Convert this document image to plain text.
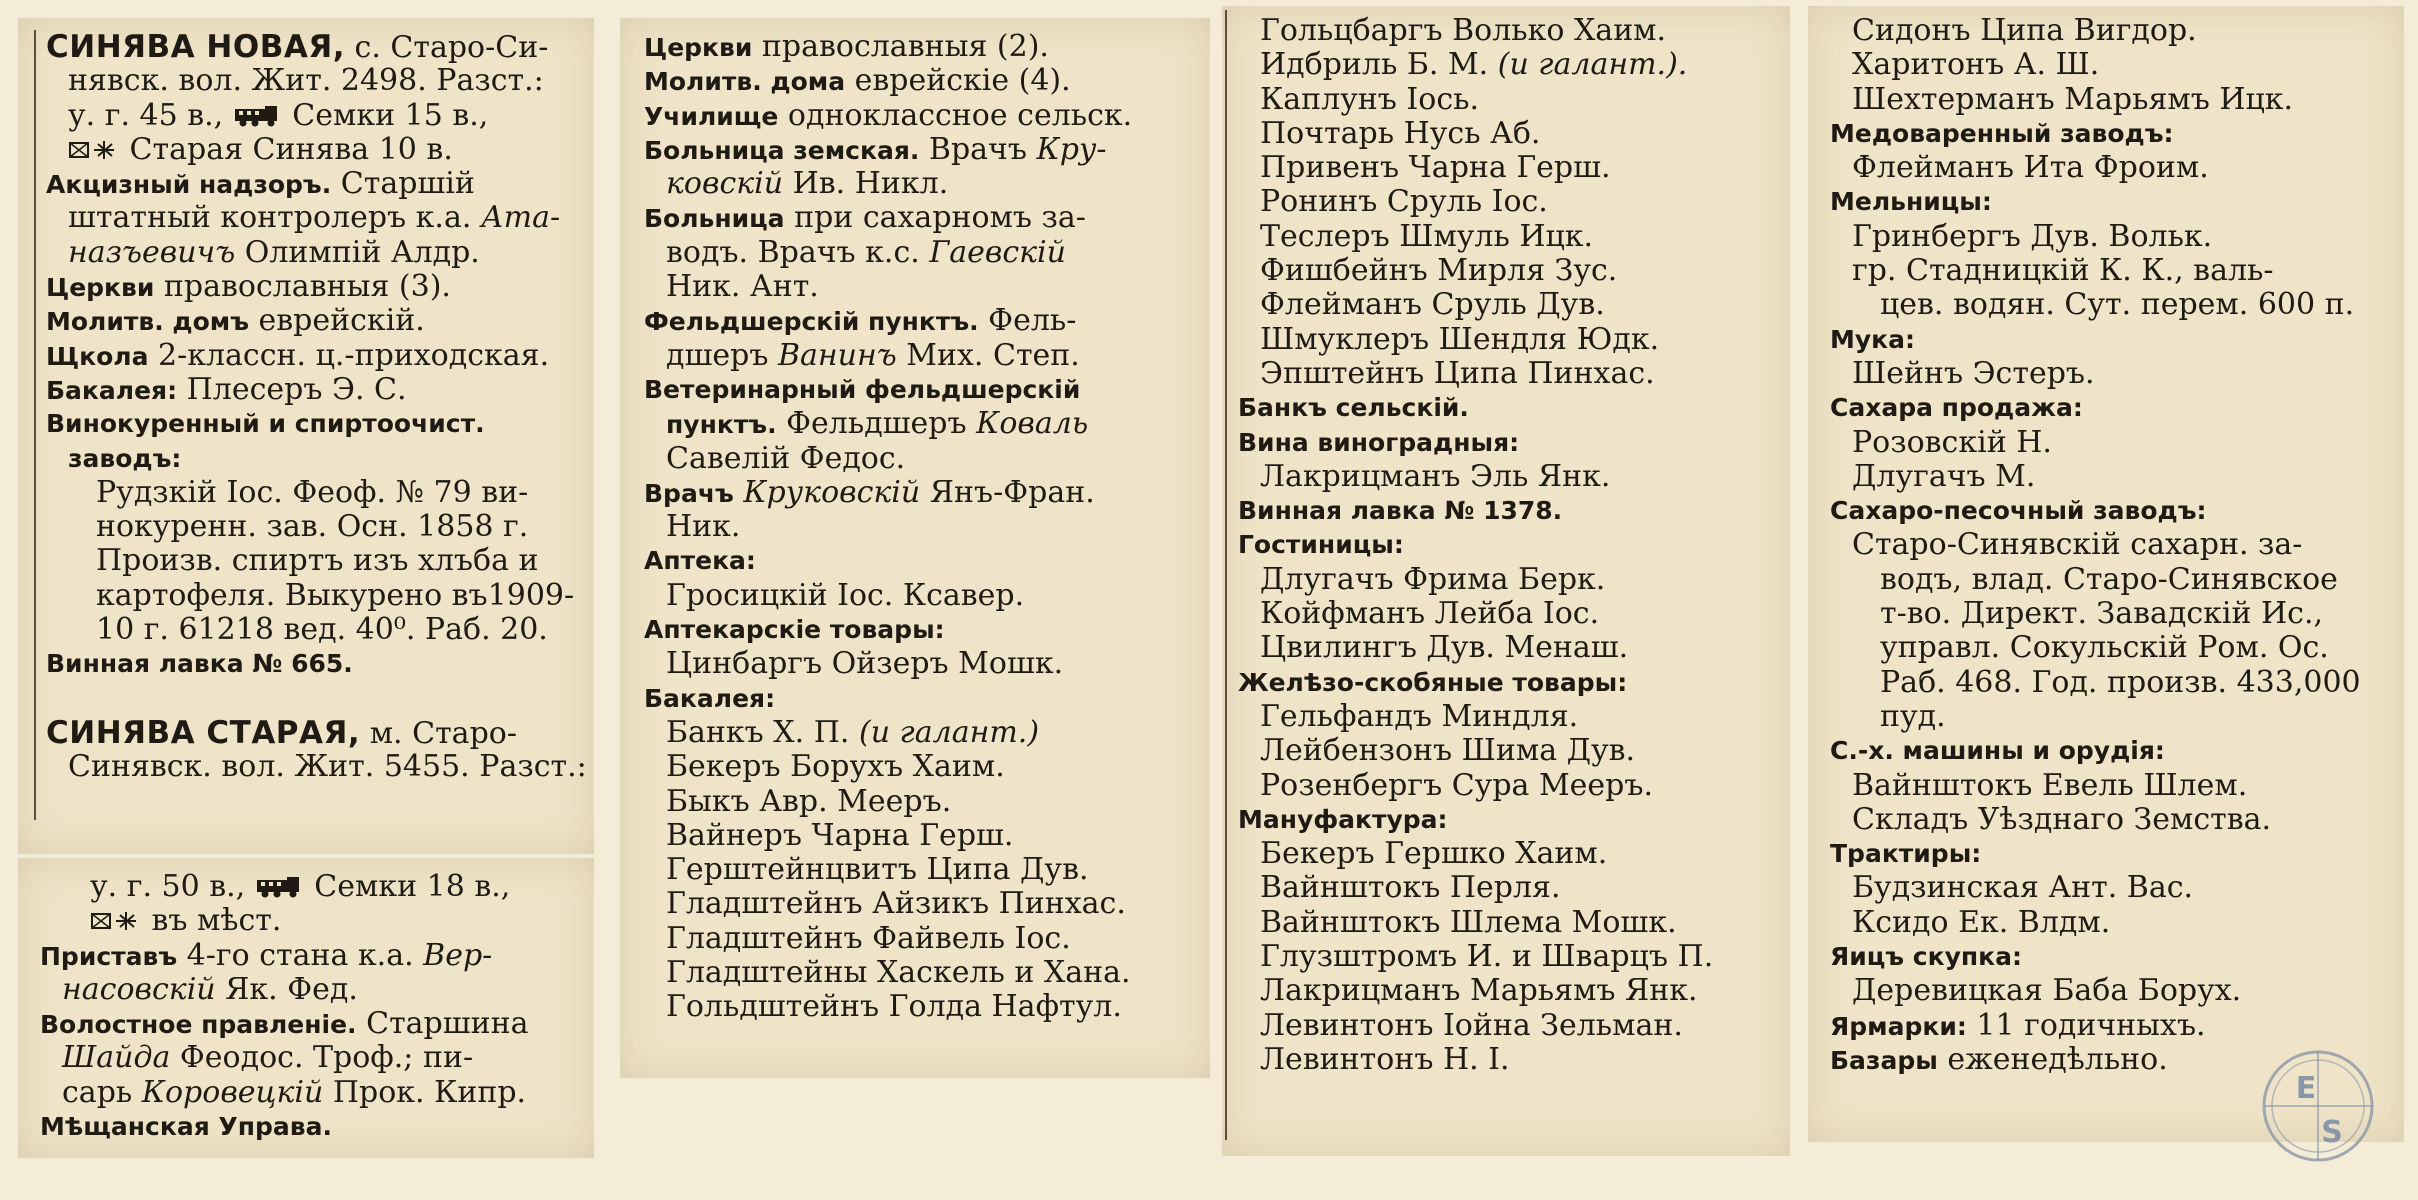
СИНЯВА НОВАЯ, с. Старо-Си-
нявск. вол. Жит. 2498. Разст.:
у. г. 45 в., Семки 15 в.,
Старая Синява 10 в.
Акцизный надзоръ. Старшій
штатный контролеръ к.а. Ата-
назъевичъ Олимпій Алдр.
Церкви православныя (3).
Молитв. домъ еврейскій.
Щкола 2-классн. ц.-приходская.
Бакалея: Плесеръ Э. С.
Винокуренный и спиртоочист.
заводъ:
Рудзкій Іос. Феоф. № 79 ви-
нокуренн. зав. Осн. 1858 г.
Произв. спиртъ изъ хлъба и
картофеля. Выкурено въ1909-
10 г. 61218 вед. 40⁰. Раб. 20.
Винная лавка № 665.
СИНЯВА СТАРАЯ, м. Старо-
Синявск. вол. Жит. 5455. Разст.:
у. г. 50 в., Семки 18 в.,
въ мѣст.
Приставъ 4-го стана к.а. Вер-
насовскій Як. Фед.
Волостное правленіе. Старшина
Шайда Феодос. Троф.; пи-
сарь Коровецкій Прок. Кипр.
Мѣщанская Управа.
Церкви православныя (2).
Молитв. дома еврейскіе (4).
Училище одноклассное сельск.
Больница земская. Врачъ Кру-
ковскій Ив. Никл.
Больница при сахарномъ за-
водъ. Врачъ к.с. Гаевскій
Ник. Ант.
Фельдшерскій пунктъ. Фель-
дшеръ Ванинъ Мих. Степ.
Ветеринарный фельдшерскій
пунктъ. Фельдшеръ Коваль
Савелій Федос.
Врачъ Круковскій Янъ-Фран.
Ник.
Аптека:
Гросицкій Іос. Ксавер.
Аптекарскіе товары:
Цинбаргъ Ойзеръ Мошк.
Бакалея:
Банкъ Х. П. (и галант.)
Бекеръ Борухъ Хаим.
Быкъ Авр. Мееръ.
Вайнеръ Чарна Герш.
Герштейнцвитъ Ципа Дув.
Гладштейнъ Айзикъ Пинхас.
Гладштейнъ Файвель Іос.
Гладштейны Хаскель и Хана.
Гольдштейнъ Голда Нафтул.
Гольцбаргъ Волько Хаим.
Идбриль Б. М. (и галант.).
Каплунъ Іось.
Почтарь Нусь Аб.
Привенъ Чарна Герш.
Ронинъ Сруль Іос.
Теслеръ Шмуль Ицк.
Фишбейнъ Мирля Зус.
Флейманъ Сруль Дув.
Шмуклеръ Шендля Юдк.
Эпштейнъ Ципа Пинхас.
Банкъ сельскій.
Вина виноградныя:
Лакрицманъ Эль Янк.
Винная лавка № 1378.
Гостиницы:
Длугачъ Фрима Берк.
Койфманъ Лейба Іос.
Цвилингъ Дув. Менаш.
Желѣзо-скобяные товары:
Гельфандъ Миндля.
Лейбензонъ Шима Дув.
Розенбергъ Сура Мееръ.
Мануфактура:
Бекеръ Гершко Хаим.
Вайнштокъ Перля.
Вайнштокъ Шлема Мошк.
Глузштромъ И. и Шварцъ П.
Лакрицманъ Марьямъ Янк.
Левинтонъ Іойна Зельман.
Левинтонъ Н. І.
Сидонъ Ципа Вигдор.
Харитонъ А. Ш.
Шехтерманъ Марьямъ Ицк.
Медоваренный заводъ:
Флейманъ Ита Фроим.
Мельницы:
Гринбергъ Дув. Вольк.
гр. Стадницкій К. К., валь-
цев. водян. Сут. перем. 600 п.
Мука:
Шейнъ Эстеръ.
Сахара продажа:
Розовскій Н.
Длугачъ М.
Сахаро-песочный заводъ:
Старо-Синявскій сахарн. за-
водъ, влад. Старо-Синявское
т-во. Директ. Завадскій Ис.,
управл. Сокульскій Ром. Ос.
Раб. 468. Год. произв. 433,000
пуд.
С.-х. машины и орудія:
Вайнштокъ Евель Шлем.
Складъ Уѣзднаго Земства.
Трактиры:
Будзинская Ант. Вас.
Ксидо Ек. Влдм.
Яицъ скупка:
Деревицкая Баба Борух.
Ярмарки: 11 годичныхъ.
Базары еженедѣльно.
E
S
